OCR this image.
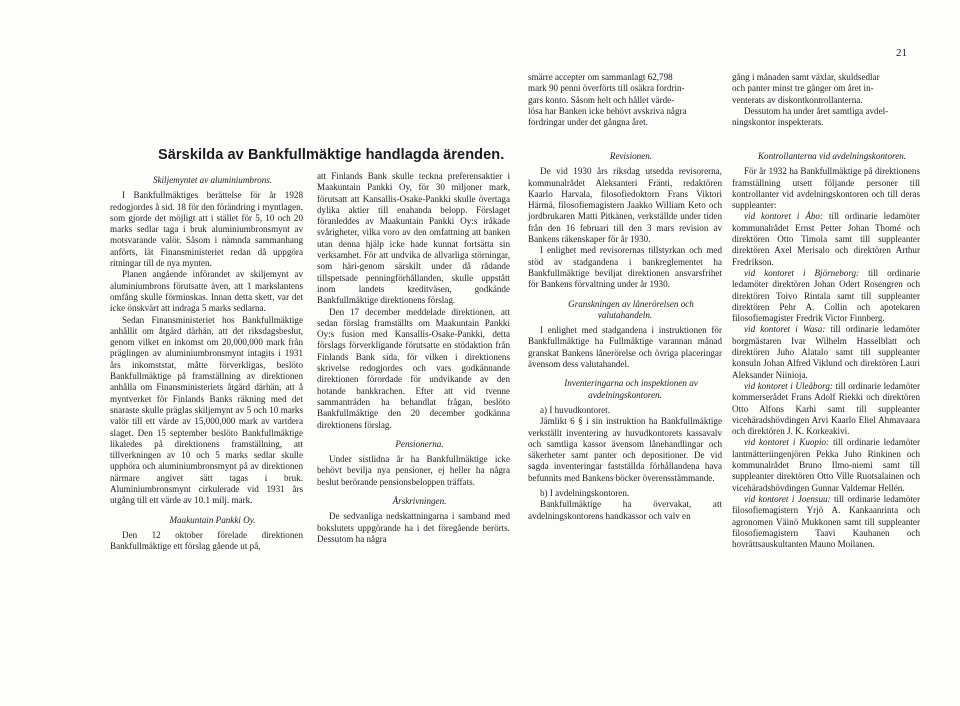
21
smärre accepter om sammanlagt 62,798
mark 90 penni överförts till osäkra fordrin-
gars konto. Såsom helt och hållet värde-
lösa har Banken icke behövt avskriva några
fordringar under det gångna året.
gång i månaden samt växlar, skuldsedlar
och panter minst tre gånger om året in-
venterats av diskontkontrollanterna.
Dessutom ha under året samtliga avdel-
ningskontor inspekterats.
Särskilda av Bankfullmäktige handlagda ärenden.

Skiljemyntet av aluminiumbrons.

I Bankfullmäktiges berättelse för år 1928 redogjordes å sid. 18 för den förändring i myntlagen, som gjorde det möjligt att i stället för 5, 10 och 20 marks sedlar taga i bruk aluminiumbronsmynt av motsvarande valör. Såsom i nämnda sammanhang anförts, lät Finansministeriet redan då uppgöra ritningar till de nya mynten.

Planen angående införandet av skiljemynt av aluminiumbrons förutsatte även, att 1 markslantens omfång skulle förminskas. Innan detta skett, var det icke önskvärt att indraga 5 marks sedlarna.

Sedan Finansministeriet hos Bankfullmäktige anhållit om åtgärd därhän, att det riksdagsbeslut, genom vilket en inkomst om 20,000,000 mark från präglingen av aluminiumbronsmynt intagits i 1931 års inkomststat, måtte förverkligas, beslöto Bankfullmäktige på framställning av direktionen anhålla om Finansministeriets åtgärd därhän, att å myntverket för Finlands Banks räkning med det snaraste skulle präglas skiljemynt av 5 och 10 marks valör till ett värde av 15,000,000 mark av vartdera slaget. Den 15 september beslöto Bankfullmäktige likaledes på direktionens framställning, att tillverkningen av 10 och 5 marks sedlar skulle upphöra och aluminiumbronsmynt på av direktionen närmare angivet sätt tagas i bruk. Aluminiumbronsmynt cirkulerade vid 1931 års utgång till ett värde av 10.1 milj. mark.

Maakuntain Pankki Oy.

Den 12 oktober förelade direktionen Bankfullmäktige ett förslag gående ut på,

att Finlands Bank skulle teckna preferensaktier i Maakuntain Pankki Oy, för 30 miljoner mark, förutsatt att Kansallis-Osake-Pankki skulle övertaga dylika aktier till enahanda belopp. Förslaget föranleddes av Maakuntain Pankki Oy:s iråkade svårigheter, vilka voro av den omfattning att banken utan denna hjälp icke hade kunnat fortsätta sin verksamhet. För att undvika de allvarliga störningar, som häri-genom särskilt under då rådande tillspetsade penningförhållanden, skulle uppstått inom landets kreditväsen, godkände Bankfullmäktige direktionens förslag.

Den 17 december meddelade direktionen, att sedan förslag framställts om Maakuntain Pankki Oy:s fusion med Kansallis-Osake-Pankki, detta förslags förverkligande förutsatte en stödaktion från Finlands Bank sida, för vilken i direktionens skrivelse redogjordes och vars godkännande direktionen förordade för undvikande av den hotande bankkrachen. Efter att vid tvenne sammanträden ha behandlat frågan, beslöto Bankfullmäktige den 20 december godkänna direktionens förslag.

Pensionerna.

Under sistlidna år ha Bankfullmäktige icke behövt bevilja nya pensioner, ej heller ha några beslut berörande pensionsbeloppen träffats.

Årskrivningen.

De sedvanliga nedskattningarna i samband med bokslutets uppgörande ha i det föregående berörts. Dessutom ha några

Revisionen.

De vid 1930 års riksdag utsedda revisorerna, kommunalrådet Aleksanteri Fränti, redaktören Kaarlo Harvala, filosofiedoktorn Frans Viktori Härmä, filosofiemagistern Jaakko William Keto och jordbrukaren Matti Pitkänen, verkställde under tiden från den 16 februari till den 3 mars revision av Bankens räkenskaper för år 1930.

I enlighet med revisorernas tillstyrkan och med stöd av stadgandena i bankreglementet ha Bankfullmäktige beviljat direktionen ansvarsfrihet för Bankens förvaltning under år 1930.

Granskningen av lånerörelsen och valutahandeln.

I enlighet med stadgandena i instruktionen för Bankfullmäktige ha Fullmäktige varannan månad granskat Bankens lånerörelse och övriga placeringar ävensom dess valutahandel.

Inventeringarna och inspektionen av avdelningskontoren.

a) I huvudkontoret.

Jämlikt 6 § i sin instruktion ha Bankfullmäktige verkställt inventering av huvudkontorets kassavalv och samtliga kassor ävensom lånehandlingar och säkerheter samt panter och depositioner. De vid sagda inventeringar fastställda förhållandena hava befunnits med Bankens böcker överensstämmande.

b) I avdelningskontoren.

Bankfullmäktige ha övervakat, att avdelningskontorens handkassor och valv en

Kontrollanterna vid avdelningskontoren.

För år 1932 ha Bankfullmäktige på direktionens framställning utsett följande personer till kontrollanter vid avdelningskontoren och till deras suppleanter:

vid kontoret i Åbo: till ordinarie ledamöter kommunalrådet Ernst Petter Johan Thomé och direktören Otto Timola samt till suppleanter direktören Axel Merisalo och direktören Arthur Fredrikson.

vid kontoret i Björneborg: till ordinarie ledamöter direktören Johan Odert Rosengren och direktören Toivo Rintala samt till suppleanter direktören Pehr A. Collin och apotekaren filosofiemagister Fredrik Victor Finnberg.

vid kontoret i Wasa: till ordinarie ledamöter borgmästaren Ivar Wilhelm Hasselblatt och direktören Juho Alatalo samt till suppleanter konsuln Johan Alfred Viklund och direktören Lauri Aleksander Niinioja.

vid kontoret i Uleåborg: till ordinarie ledamöter kommerserådet Frans Adolf Riekki och direktören Otto Alfons Karhi samt till suppleanter vicehäradshövdingen Arvi Kaarlo Eliel Ahmavaara och direktören J. K. Korkeakivi.

vid kontoret i Kuopio: till ordinarie ledamöter lantmätteriingenjören Pekka Juho Rinkinen och kommunalrådet Bruno Ilmo-niemi samt till suppleanter direktören Otto Ville Ruotsalainen och vicehäradshövdingen Gunnar Valdemar Hellén.

vid kontoret i Joensuu: till ordinarie ledamöter filosofiemagistern Yrjö A. Kankaanrinta och agronomen Väinö Mukkonen samt till suppleanter filosofiemagistern Taavi Kauhanen och hovrättsauskultanten Mauno Moilanen.
